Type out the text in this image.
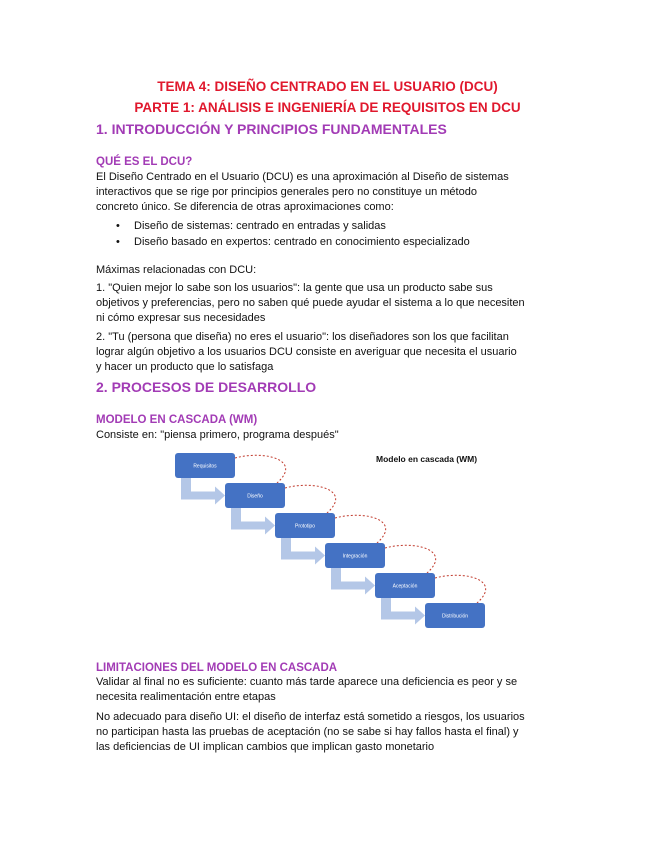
TEMA 4: DISEÑO CENTRADO EN EL USUARIO (DCU)
PARTE 1: ANÁLISIS E INGENIERÍA DE REQUISITOS EN DCU
1. INTRODUCCIÓN Y PRINCIPIOS FUNDAMENTALES
QUÉ ES EL DCU?
El Diseño Centrado en el Usuario (DCU) es una aproximación al Diseño de sistemas
interactivos que se rige por principios generales pero no constituye un método
concreto único. Se diferencia de otras aproximaciones como:
• Diseño de sistemas: centrado en entradas y salidas
• Diseño basado en expertos: centrado en conocimiento especializado
Máximas relacionadas con DCU:
1. "Quien mejor lo sabe son los usuarios": la gente que usa un producto sabe sus
objetivos y preferencias, pero no saben qué puede ayudar el sistema a lo que necesiten
ni cómo expresar sus necesidades
2. "Tu (persona que diseña) no eres el usuario": los diseñadores son los que facilitan
lograr algún objetivo a los usuarios DCU consiste en averiguar que necesita el usuario
y hacer un producto que lo satisfaga
2. PROCESOS DE DESARROLLO
MODELO EN CASCADA (WM)
Consiste en: "piensa primero, programa después"
Modelo en cascada (WM)
Requisitos
Diseño
Prototipo
Integración
Aceptación
Distribución
LIMITACIONES DEL MODELO EN CASCADA
Validar al final no es suficiente: cuanto más tarde aparece una deficiencia es peor y se
necesita realimentación entre etapas
No adecuado para diseño UI: el diseño de interfaz está sometido a riesgos, los usuarios
no participan hasta las pruebas de aceptación (no se sabe si hay fallos hasta el final) y
las deficiencias de UI implican cambios que implican gasto monetario
